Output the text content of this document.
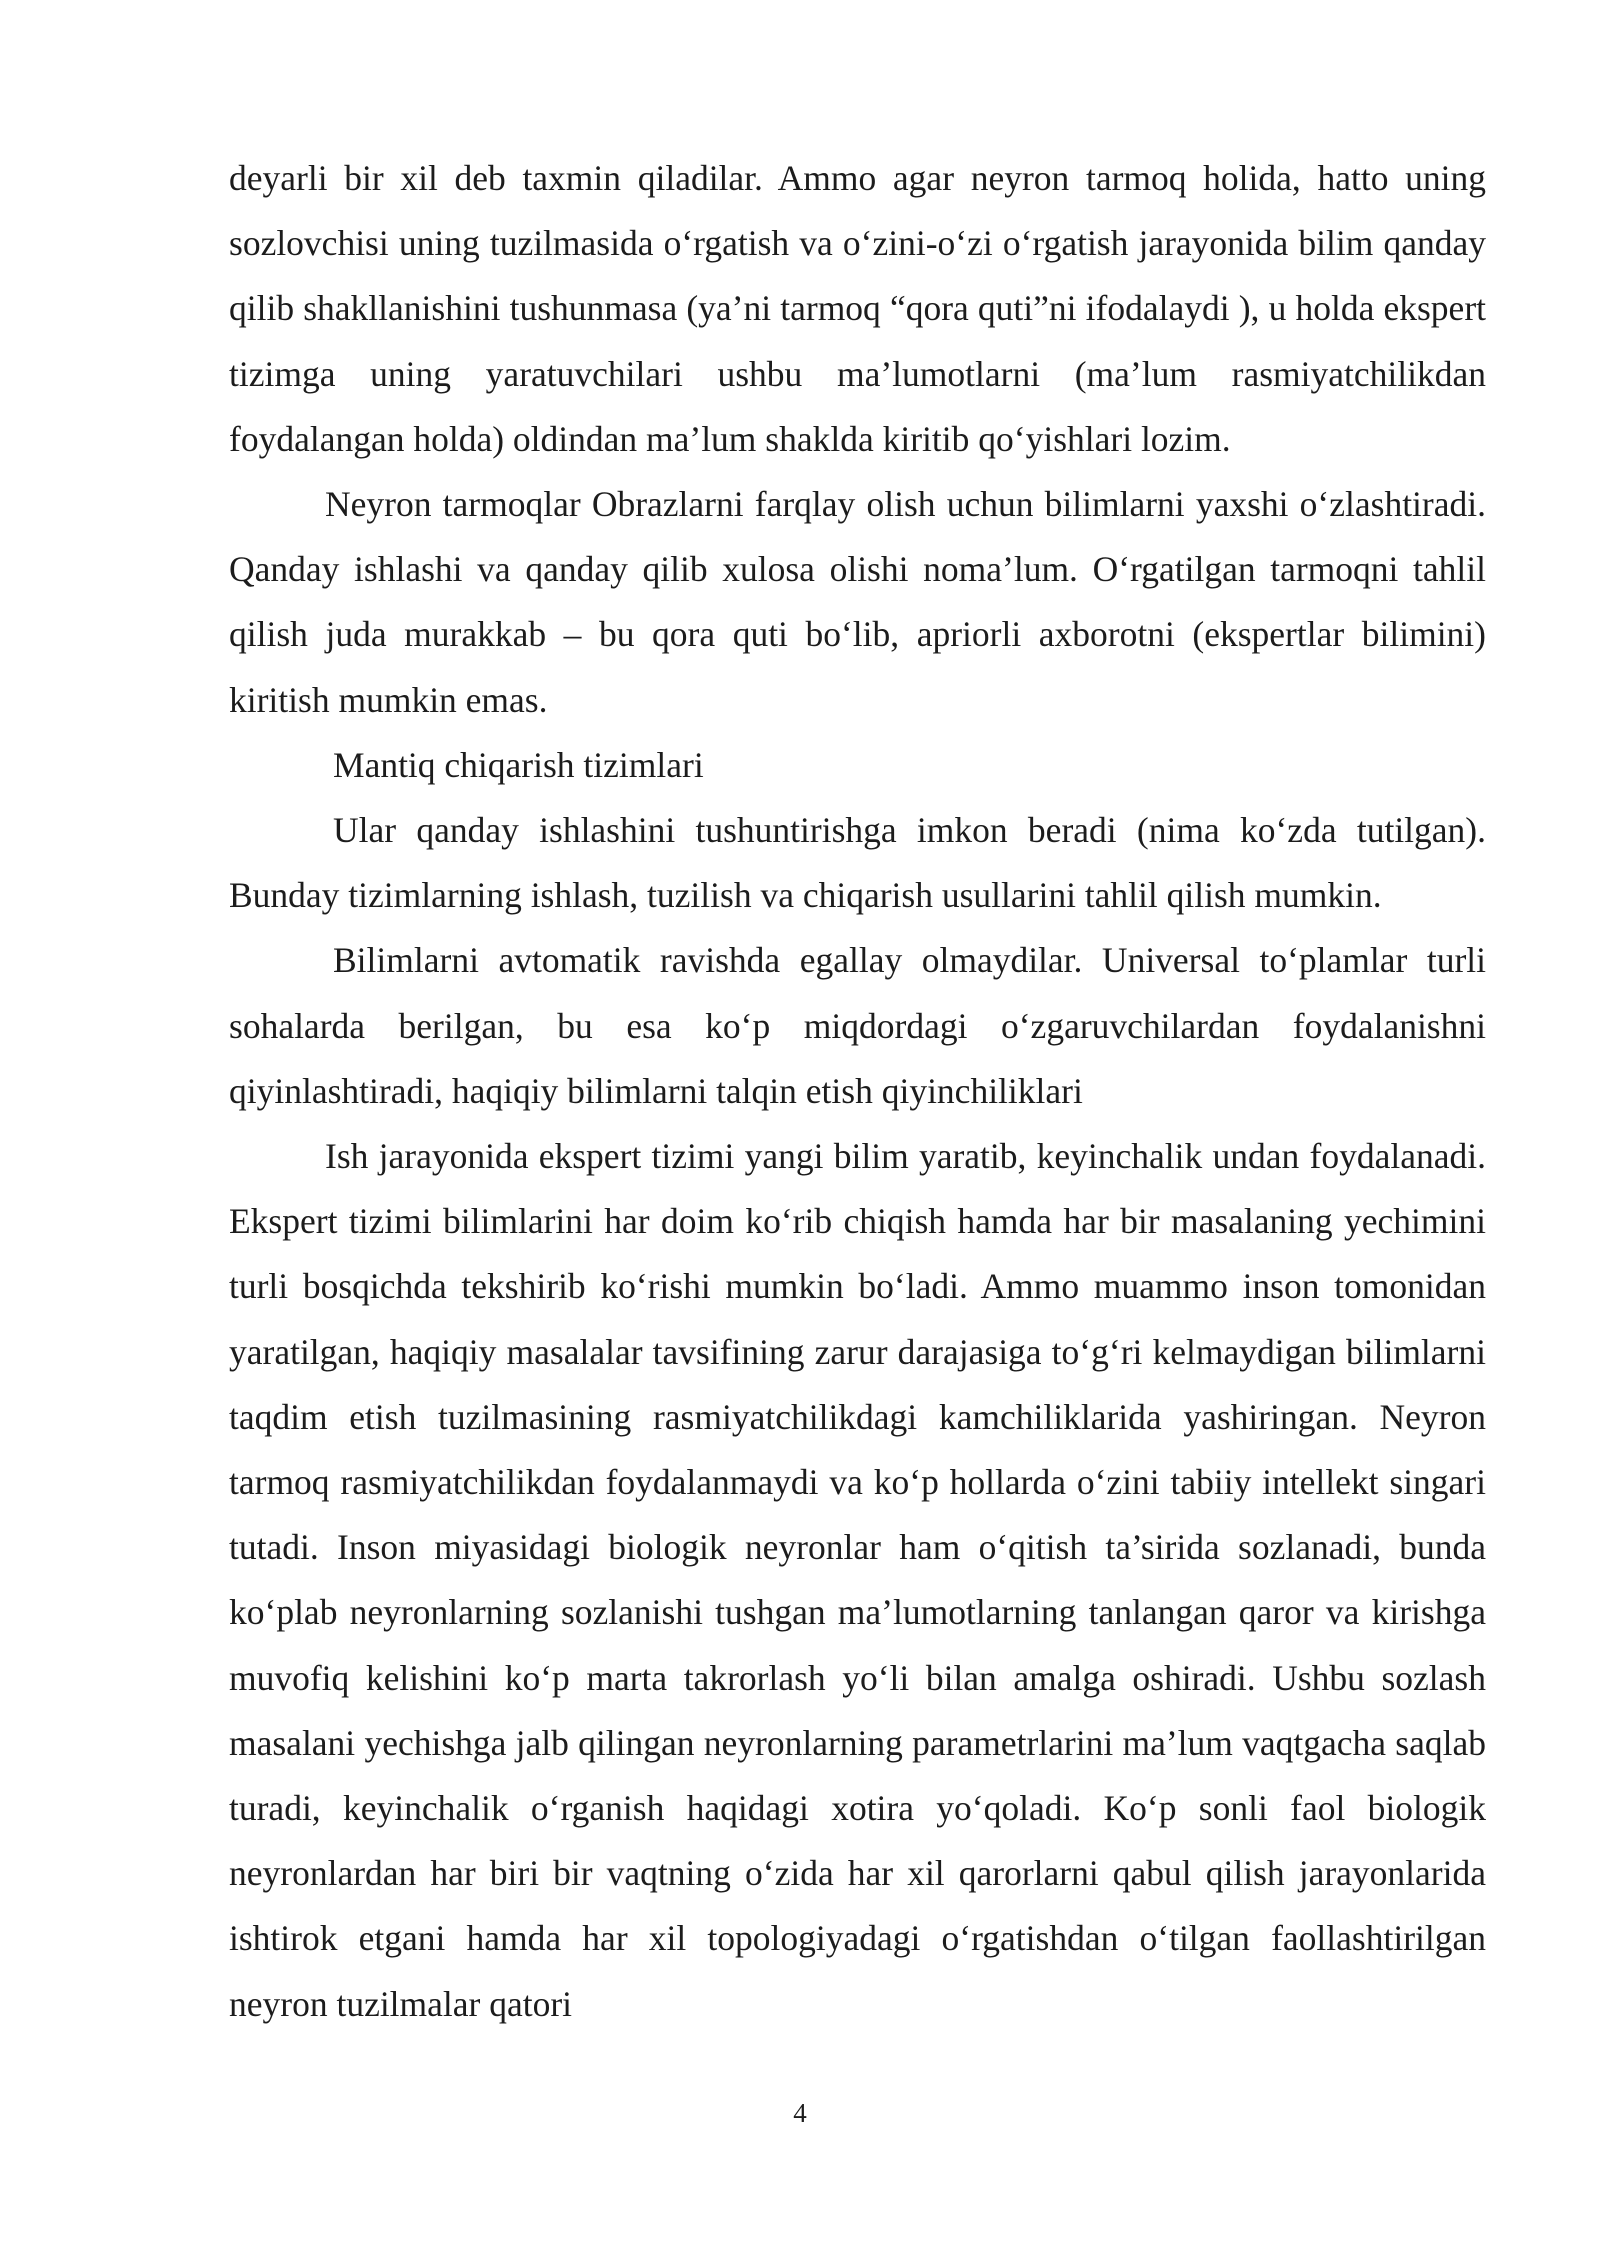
deyarli bir xil deb taxmin qiladilar. Ammo agar neyron tarmoq holida, hatto uning sozlovchisi uning tuzilmasida o‘rgatish va o‘zini-o‘zi o‘rgatish jarayonida bilim qanday qilib shakllanishini tushunmasa (ya’ni tarmoq “qora quti”ni ifodalaydi ), u holda ekspert tizimga uning yaratuvchilari ushbu ma’lumotlarni (ma’lum rasmiyatchilikdan foydalangan holda) oldindan ma’lum shaklda kiritib qo‘yishlari lozim.

Neyron tarmoqlar Obrazlarni farqlay olish uchun bilimlarni yaxshi o‘zlashtiradi. Qanday ishlashi va qanday qilib xulosa olishi noma’lum. O‘rgatilgan tarmoqni tahlil qilish juda murakkab – bu qora quti bo‘lib, apriorli axborotni (ekspertlar bilimini) kiritish mumkin emas.

Mantiq chiqarish tizimlari

Ular qanday ishlashini tushuntirishga imkon beradi (nima ko‘zda tutilgan). Bunday tizimlarning ishlash, tuzilish va chiqarish usullarini tahlil qilish mumkin.

Bilimlarni avtomatik ravishda egallay olmaydilar. Universal to‘plamlar turli sohalarda berilgan, bu esa ko‘p miqdordagi o‘zgaruvchilardan foydalanishni qiyinlashtiradi, haqiqiy bilimlarni talqin etish qiyinchiliklari

Ish jarayonida ekspert tizimi yangi bilim yaratib, keyinchalik undan foydalanadi. Ekspert tizimi bilimlarini har doim ko‘rib chiqish hamda har bir masalaning yechimini turli bosqichda tekshirib ko‘rishi mumkin bo‘ladi. Ammo muammo inson tomonidan yaratilgan, haqiqiy masalalar tavsifining zarur darajasiga to‘g‘ri kelmaydigan bilimlarni taqdim etish tuzilmasining rasmiyatchilikdagi kamchiliklarida yashiringan. Neyron tarmoq rasmiyatchilikdan foydalanmaydi va ko‘p hollarda o‘zini tabiiy intellekt singari tutadi. Inson miyasidagi biologik neyronlar ham o‘qitish ta’sirida sozlanadi, bunda ko‘plab neyronlarning sozlanishi tushgan ma’lumotlarning tanlangan qaror va kirishga muvofiq kelishini ko‘p marta takrorlash yo‘li bilan amalga oshiradi. Ushbu sozlash masalani yechishga jalb qilingan neyronlarning parametrlarini ma’lum vaqtgacha saqlab turadi, keyinchalik o‘rganish haqidagi xotira yo‘qoladi. Ko‘p sonli faol biologik neyronlardan har biri bir vaqtning o‘zida har xil qarorlarni qabul qilish jarayonlarida ishtirok etgani hamda har xil topologiyadagi o‘rgatishdan o‘tilgan faollashtirilgan neyron tuzilmalar qatori

4
